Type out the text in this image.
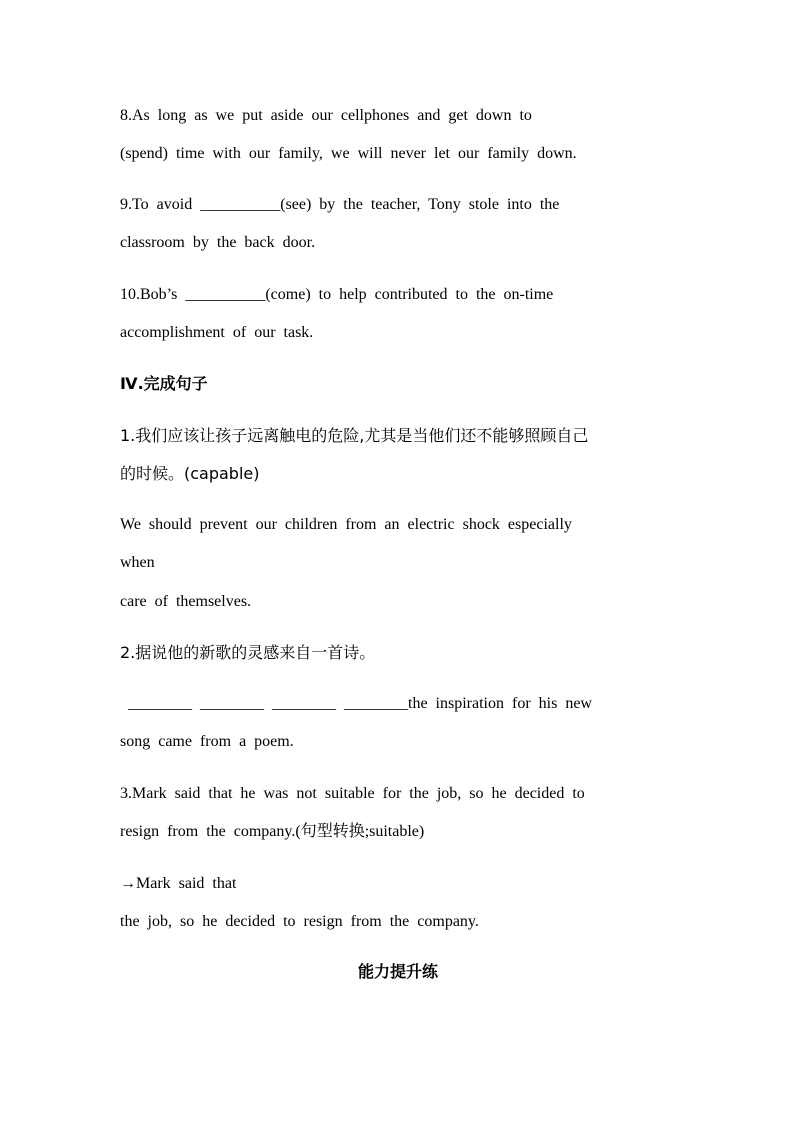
8.As  long  as  we  put  aside  our  cellphones  and  get  down  to
(spend)  time  with  our  family,  we  will  never  let  our  family  down.
9.To  avoid  __________(see)  by  the  teacher,  Tony  stole  into  the
classroom  by  the  back  door.
10.Bob’s  __________(come)  to  help  contributed  to  the  on-time
accomplishment  of  our  task.
Ⅳ.完成句子
1.我们应该让孩子远离触电的危险,尤其是当他们还不能够照顾自己
的时候。(capable)
We  should  prevent  our  children  from  an  electric  shock  especially
when
care  of  themselves.
2.据说他的新歌的灵感来自一首诗。
________  ________  ________  ________the  inspiration  for  his  new
song  came  from  a  poem.
3.Mark  said  that  he  was  not  suitable  for  the  job,  so  he  decided  to
resign  from  the  company.(句型转换;suitable)
→Mark  said  that
the  job,  so  he  decided  to  resign  from  the  company.
能力提升练
